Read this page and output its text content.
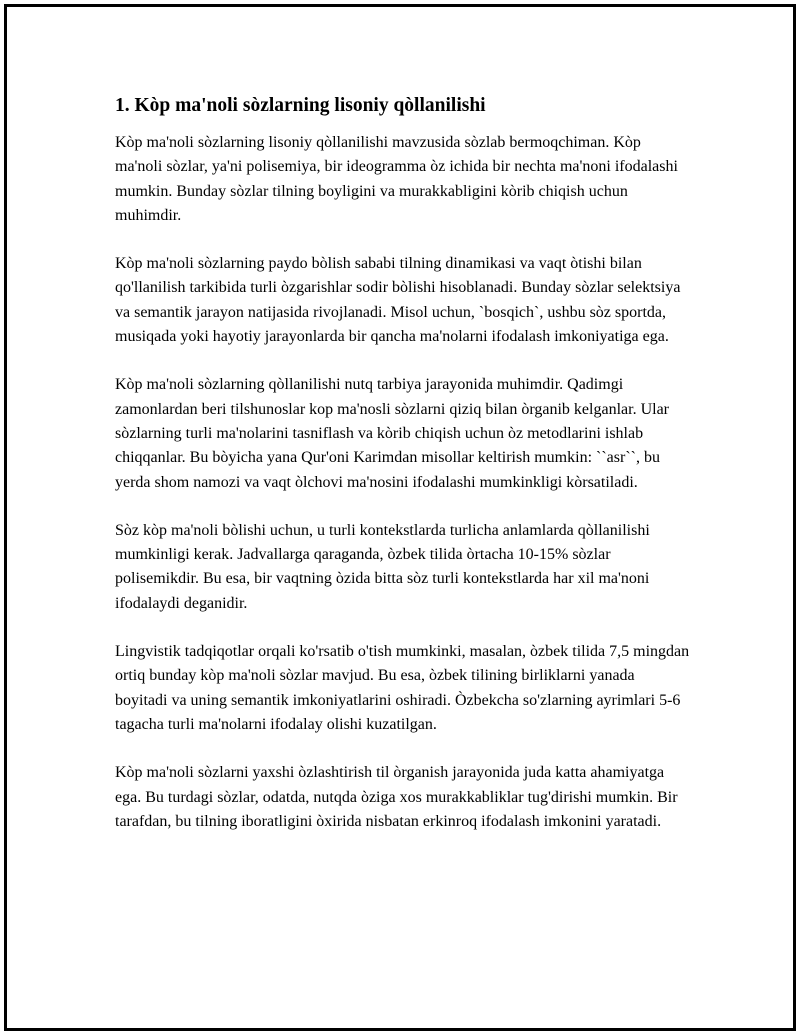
1. Kòp ma'noli sòzlarning lisoniy qòllanilishi

Kòp ma'noli sòzlarning lisoniy qòllanilishi mavzusida sòzlab bermoqchiman. Kòp ma'noli sòzlar, ya'ni polisemiya, bir ideogramma òz ichida bir nechta ma'noni ifodalashi mumkin. Bunday sòzlar tilning boyligini va murakkabligini kòrib chiqish uchun muhimdir.

Kòp ma'noli sòzlarning paydo bòlish sababi tilning dinamikasi va vaqt òtishi bilan qo'llanilish tarkibida turli òzgarishlar sodir bòlishi hisoblanadi. Bunday sòzlar selektsiya va semantik jarayon natijasida rivojlanadi. Misol uchun, `bosqich`, ushbu sòz sportda, musiqada yoki hayotiy jarayonlarda bir qancha ma'nolarni ifodalash imkoniyatiga ega.

Kòp ma'noli sòzlarning qòllanilishi nutq tarbiya jarayonida muhimdir. Qadimgi zamonlardan beri tilshunoslar kop ma'nosli sòzlarni qiziq bilan òrganib kelganlar. Ular sòzlarning turli ma'nolarini tasniflash va kòrib chiqish uchun òz metodlarini ishlab chiqqanlar. Bu bòyicha yana Qur'oni Karimdan misollar keltirish mumkin: ``asr``, bu yerda shom namozi va vaqt òlchovi ma'nosini ifodalashi mumkinkligi kòrsatiladi.

Sòz kòp ma'noli bòlishi uchun, u turli kontekstlarda turlicha anlamlarda qòllanilishi mumkinligi kerak. Jadvallarga qaraganda, òzbek tilida òrtacha 10-15% sòzlar polisemikdir. Bu esa, bir vaqtning òzida bitta sòz turli kontekstlarda har xil ma'noni ifodalaydi deganidir.

Lingvistik tadqiqotlar orqali ko'rsatib o'tish mumkinki, masalan, òzbek tilida 7,5 mingdan ortiq bunday kòp ma'noli sòzlar mavjud. Bu esa, òzbek tilining birliklarni yanada boyitadi va uning semantik imkoniyatlarini oshiradi. Òzbekcha so'zlarning ayrimlari 5-6 tagacha turli ma'nolarni ifodalay olishi kuzatilgan.

Kòp ma'noli sòzlarni yaxshi òzlashtirish til òrganish jarayonida juda katta ahamiyatga ega. Bu turdagi sòzlar, odatda, nutqda òziga xos murakkabliklar tug'dirishi mumkin. Bir tarafdan, bu tilning iboratligini òxirida nisbatan erkinroq ifodalash imkonini yaratadi.
